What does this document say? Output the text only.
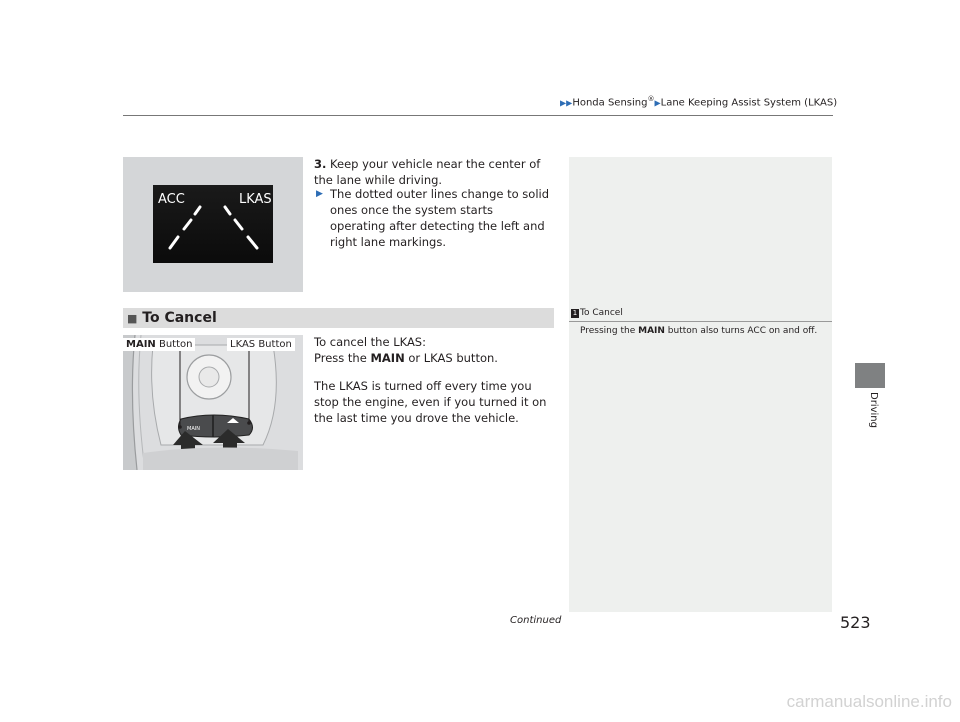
▶▶Honda Sensing®▶Lane Keeping Assist System (LKAS)
ACC	LKAS
3. Keep your vehicle near the center of the lane while driving.
▶ The dotted outer lines change to solid ones once the system starts operating after detecting the left and right lane markings.
■ To Cancel	1 To Cancel
Pressing the MAIN button also turns ACC on and off.
MAIN
MAIN Button	LKAS Button To cancel the LKAS:
Press the MAIN or LKAS button.
The LKAS is turned off every time you stop the engine, even if you turned it on the last time you drove the vehicle.
Continued	523
Driving
carmanualsonline.info
